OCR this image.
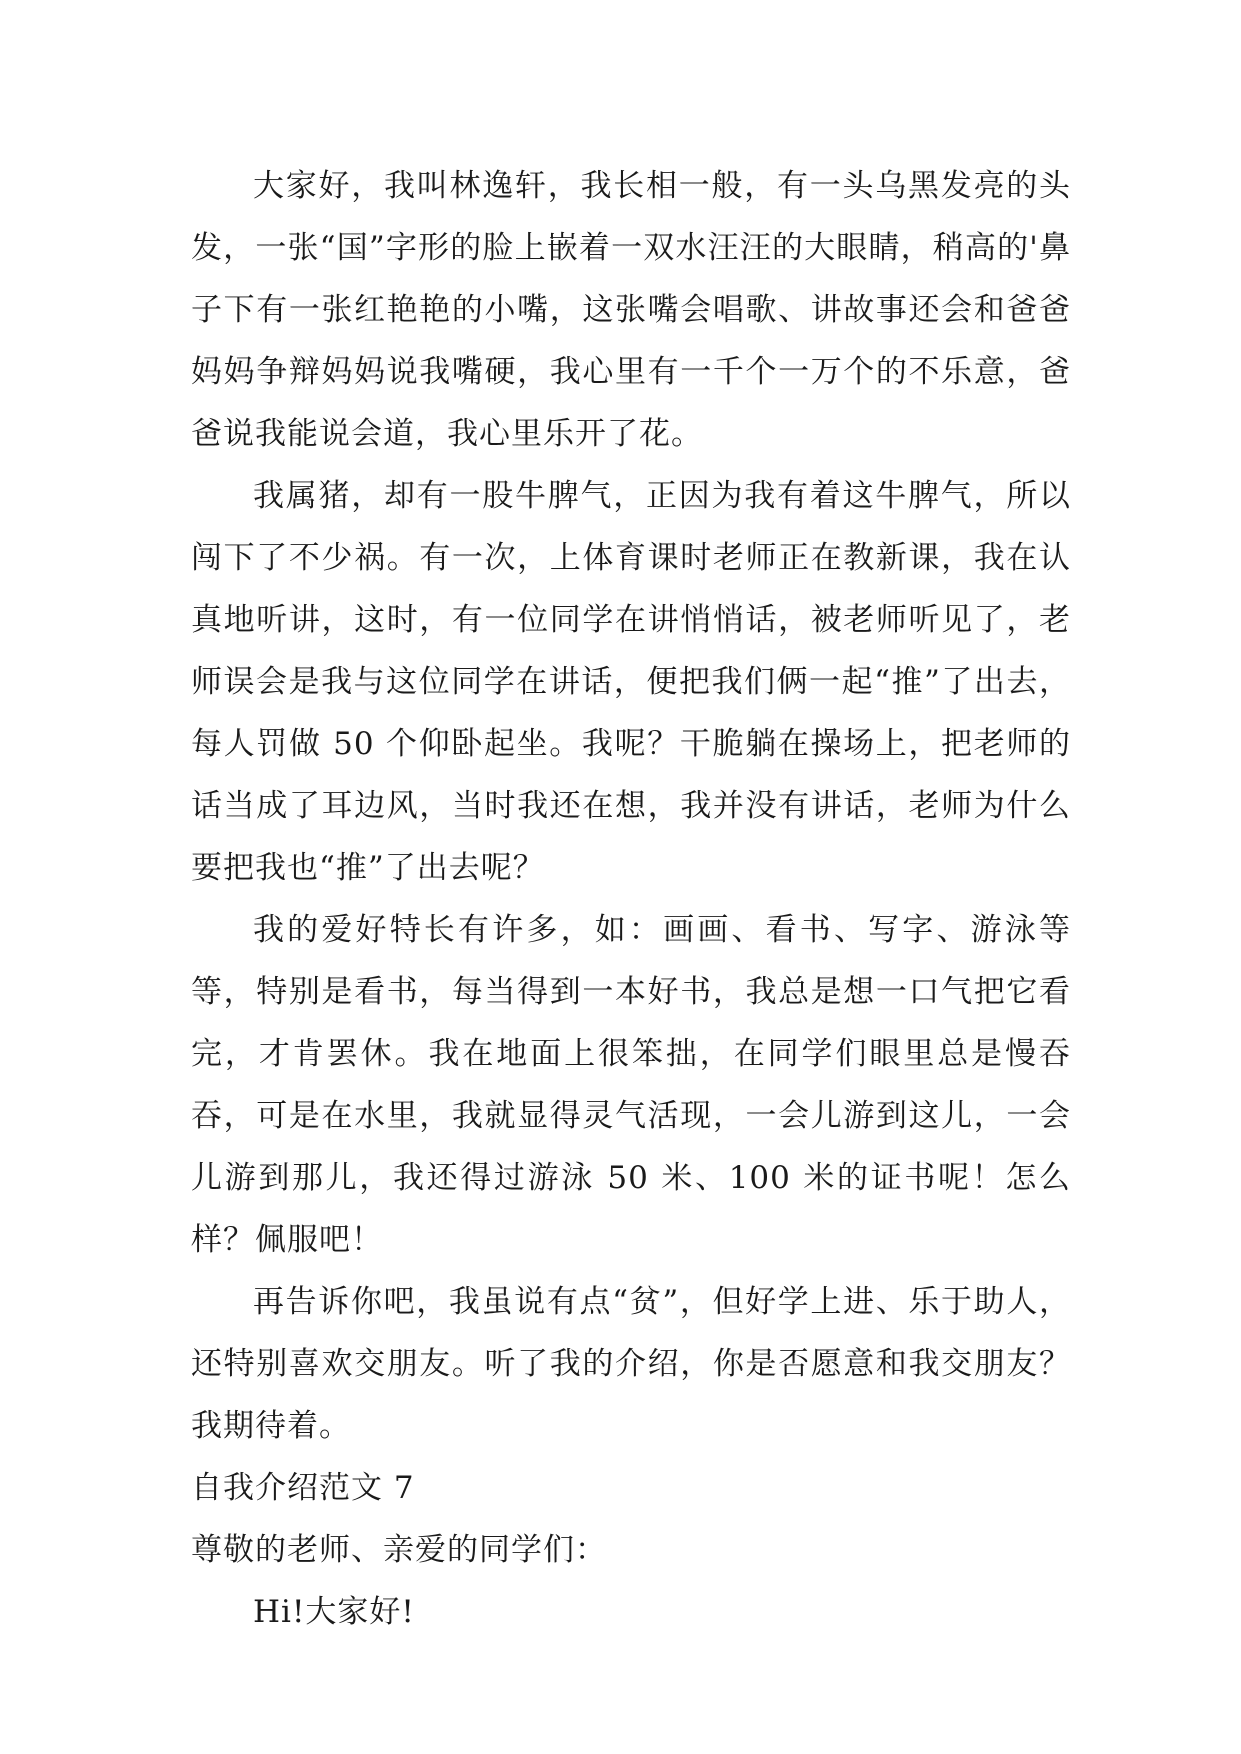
大家好，我叫林逸轩，我长相一般，有一头乌黑发亮的头发，一张“国”字形的脸上嵌着一双水汪汪的大眼睛，稍高的'鼻子下有一张红艳艳的小嘴，这张嘴会唱歌、讲故事还会和爸爸妈妈争辩妈妈说我嘴硬，我心里有一千个一万个的不乐意，爸爸说我能说会道，我心里乐开了花。

我属猪，却有一股牛脾气，正因为我有着这牛脾气，所以闯下了不少祸。有一次，上体育课时老师正在教新课，我在认真地听讲，这时，有一位同学在讲悄悄话，被老师听见了，老师误会是我与这位同学在讲话，便把我们俩一起“推”了出去，每人罚做 50 个仰卧起坐。我呢？干脆躺在操场上，把老师的话当成了耳边风，当时我还在想，我并没有讲话，老师为什么要把我也“推”了出去呢？

我的爱好特长有许多，如：画画、看书、写字、游泳等等，特别是看书，每当得到一本好书，我总是想一口气把它看完，才肯罢休。我在地面上很笨拙，在同学们眼里总是慢吞吞，可是在水里，我就显得灵气活现，一会儿游到这儿，一会儿游到那儿，我还得过游泳 50 米、100 米的证书呢！怎么样？佩服吧！

再告诉你吧，我虽说有点“贫”，但好学上进、乐于助人，还特别喜欢交朋友。听了我的介绍，你是否愿意和我交朋友？我期待着。

自我介绍范文 7

尊敬的老师、亲爱的同学们：

Hi!大家好!
